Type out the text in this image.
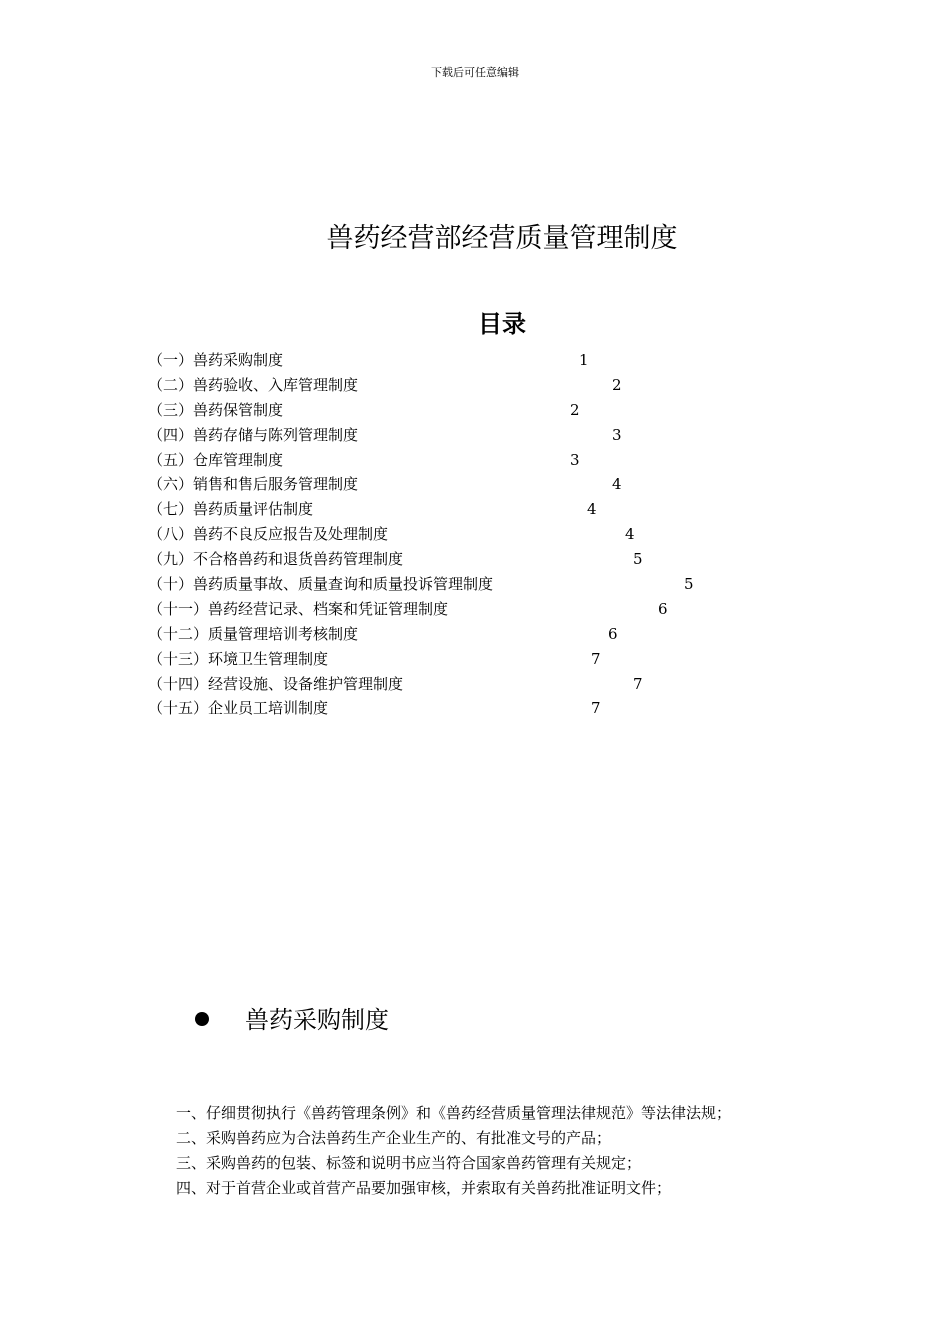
下载后可任意编辑
兽药经营部经营质量管理制度
目录
（一）兽药采购制度	1
（二）兽药验收、入库管理制度	2
（三）兽药保管制度	2
（四）兽药存储与陈列管理制度	3
（五）仓库管理制度	3
（六）销售和售后服务管理制度	4
（七）兽药质量评估制度	4
（八）兽药不良反应报告及处理制度	4
（九）不合格兽药和退货兽药管理制度	5
（十）兽药质量事故、质量查询和质量投诉管理制度	5
（十一）兽药经营记录、档案和凭证管理制度	6
（十二）质量管理培训考核制度	6
（十三）环境卫生管理制度	7
（十四）经营设施、设备维护管理制度	7
（十五）企业员工培训制度	7
兽药采购制度
一、仔细贯彻执行《兽药管理条例》和《兽药经营质量管理法律规范》等法律法规；
二、采购兽药应为合法兽药生产企业生产的、有批准文号的产品；
三、采购兽药的包装、标签和说明书应当符合国家兽药管理有关规定；
四、对于首营企业或首营产品要加强审核，并索取有关兽药批准证明文件；
